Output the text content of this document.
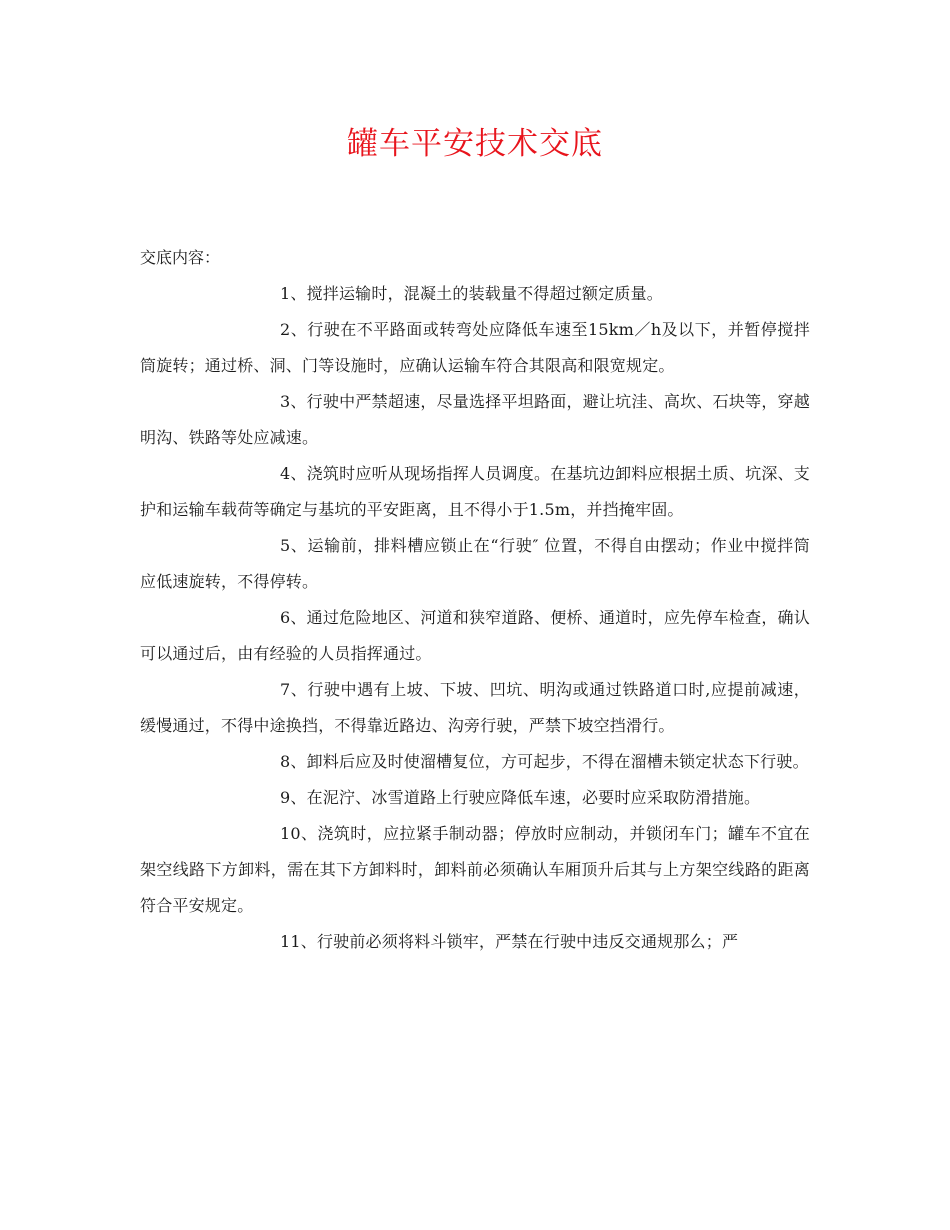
罐车平安技术交底

交底内容：

1、搅拌运输时，混凝土的装载量不得超过额定质量。

2、行驶在不平路面或转弯处应降低车速至15km／h及以下，并暂停搅拌筒旋转；通过桥、洞、门等设施时，应确认运输车符合其限高和限宽规定。

3、行驶中严禁超速，尽量选择平坦路面，避让坑洼、高坎、石块等，穿越明沟、铁路等处应减速。

4、浇筑时应听从现场指挥人员调度。在基坑边卸料应根据土质、坑深、支护和运输车载荷等确定与基坑的平安距离，且不得小于1.5m，并挡掩牢固。

5、运输前，排料槽应锁止在“行驶″ 位置，不得自由摆动；作业中搅拌筒应低速旋转，不得停转。

6、通过危险地区、河道和狭窄道路、便桥、通道时，应先停车检查，确认可以通过后，由有经验的人员指挥通过。

7、行驶中遇有上坡、下坡、凹坑、明沟或通过铁路道口时,应提前减速，缓慢通过，不得中途换挡，不得靠近路边、沟旁行驶，严禁下坡空挡滑行。

8、卸料后应及时使溜槽复位，方可起步，不得在溜槽未锁定状态下行驶。

9、在泥泞、冰雪道路上行驶应降低车速，必要时应采取防滑措施。

10、浇筑时，应拉紧手制动器；停放时应制动，并锁闭车门；罐车不宜在架空线路下方卸料，需在其下方卸料时，卸料前必须确认车厢顶升后其与上方架空线路的距离符合平安规定。

11、行驶前必须将料斗锁牢，严禁在行驶中违反交通规那么；严
